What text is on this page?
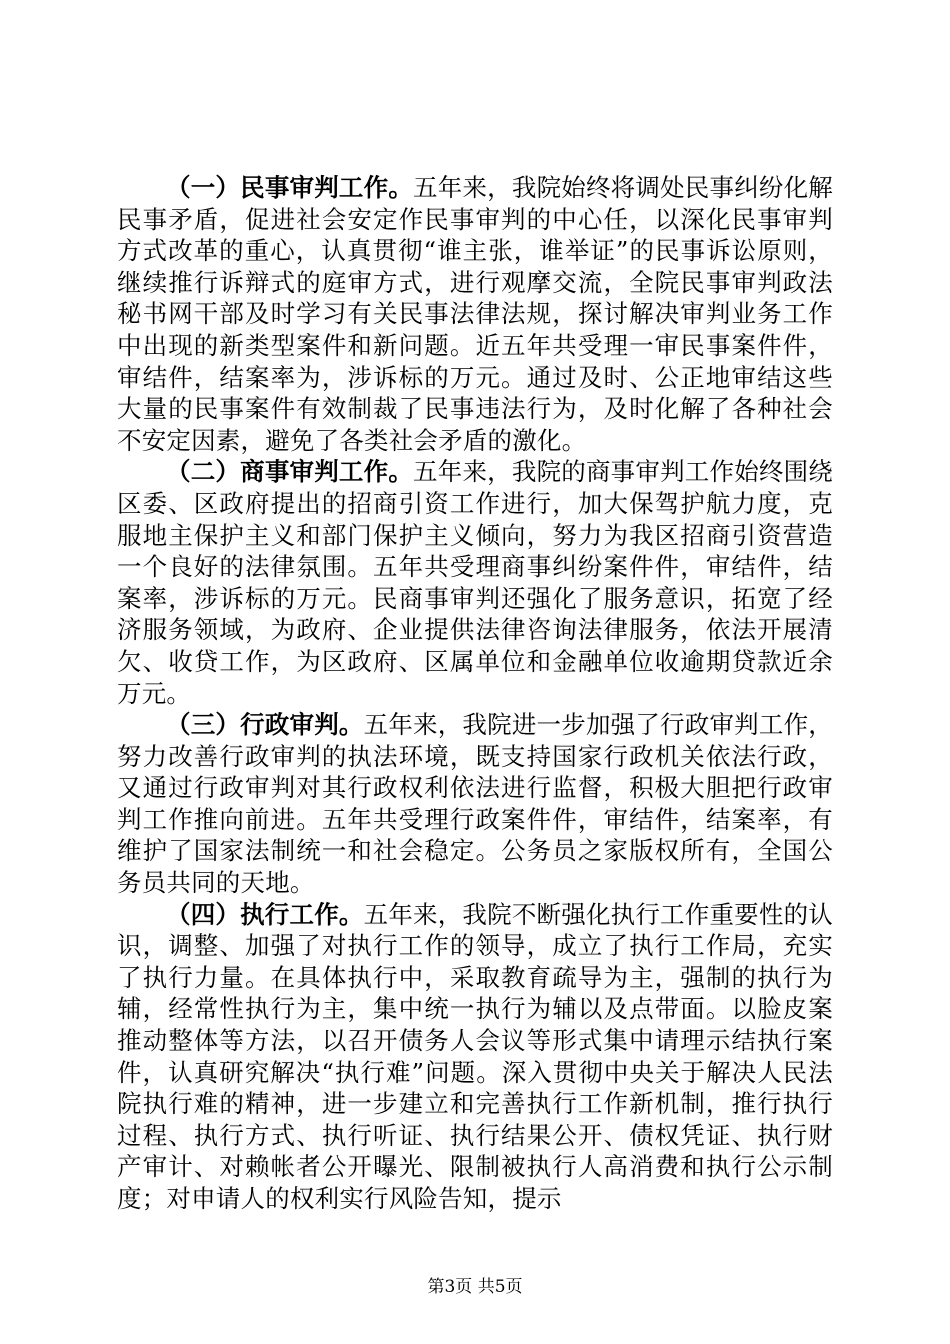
（一）民事审判工作。五年来，我院始终将调处民事纠纷化解民事矛盾，促进社会安定作民事审判的中心任，以深化民事审判方式改革的重心，认真贯彻“谁主张，谁举证”的民事诉讼原则，继续推行诉辩式的庭审方式，进行观摩交流，全院民事审判政法秘书网干部及时学习有关民事法律法规，探讨解决审判业务工作中出现的新类型案件和新问题。近五年共受理一审民事案件件，审结件，结案率为，涉诉标的万元。通过及时、公正地审结这些大量的民事案件有效制裁了民事违法行为，及时化解了各种社会不安定因素，避免了各类社会矛盾的激化。

（二）商事审判工作。五年来，我院的商事审判工作始终围绕区委、区政府提出的招商引资工作进行，加大保驾护航力度，克服地主保护主义和部门保护主义倾向，努力为我区招商引资营造一个良好的法律氛围。五年共受理商事纠纷案件件，审结件，结案率，涉诉标的万元。民商事审判还强化了服务意识，拓宽了经济服务领域，为政府、企业提供法律咨询法律服务，依法开展清欠、收贷工作，为区政府、区属单位和金融单位收逾期贷款近余万元。

（三）行政审判。五年来，我院进一步加强了行政审判工作，努力改善行政审判的执法环境，既支持国家行政机关依法行政，又通过行政审判对其行政权利依法进行监督，积极大胆把行政审判工作推向前进。五年共受理行政案件件，审结件，结案率，有维护了国家法制统一和社会稳定。公务员之家版权所有，全国公务员共同的天地。

（四）执行工作。五年来，我院不断强化执行工作重要性的认识，调整、加强了对执行工作的领导，成立了执行工作局，充实了执行力量。在具体执行中，采取教育疏导为主，强制的执行为辅，经常性执行为主，集中统一执行为辅以及点带面。以脸皮案推动整体等方法，以召开债务人会议等形式集中请理示结执行案件，认真研究解决“执行难”问题。深入贯彻中央关于解决人民法院执行难的精神，进一步建立和完善执行工作新机制，推行执行过程、执行方式、执行听证、执行结果公开、债权凭证、执行财产审计、对赖帐者公开曝光、限制被执行人高消费和执行公示制度；对申请人的权利实行风险告知，提示

第3页 共5页
